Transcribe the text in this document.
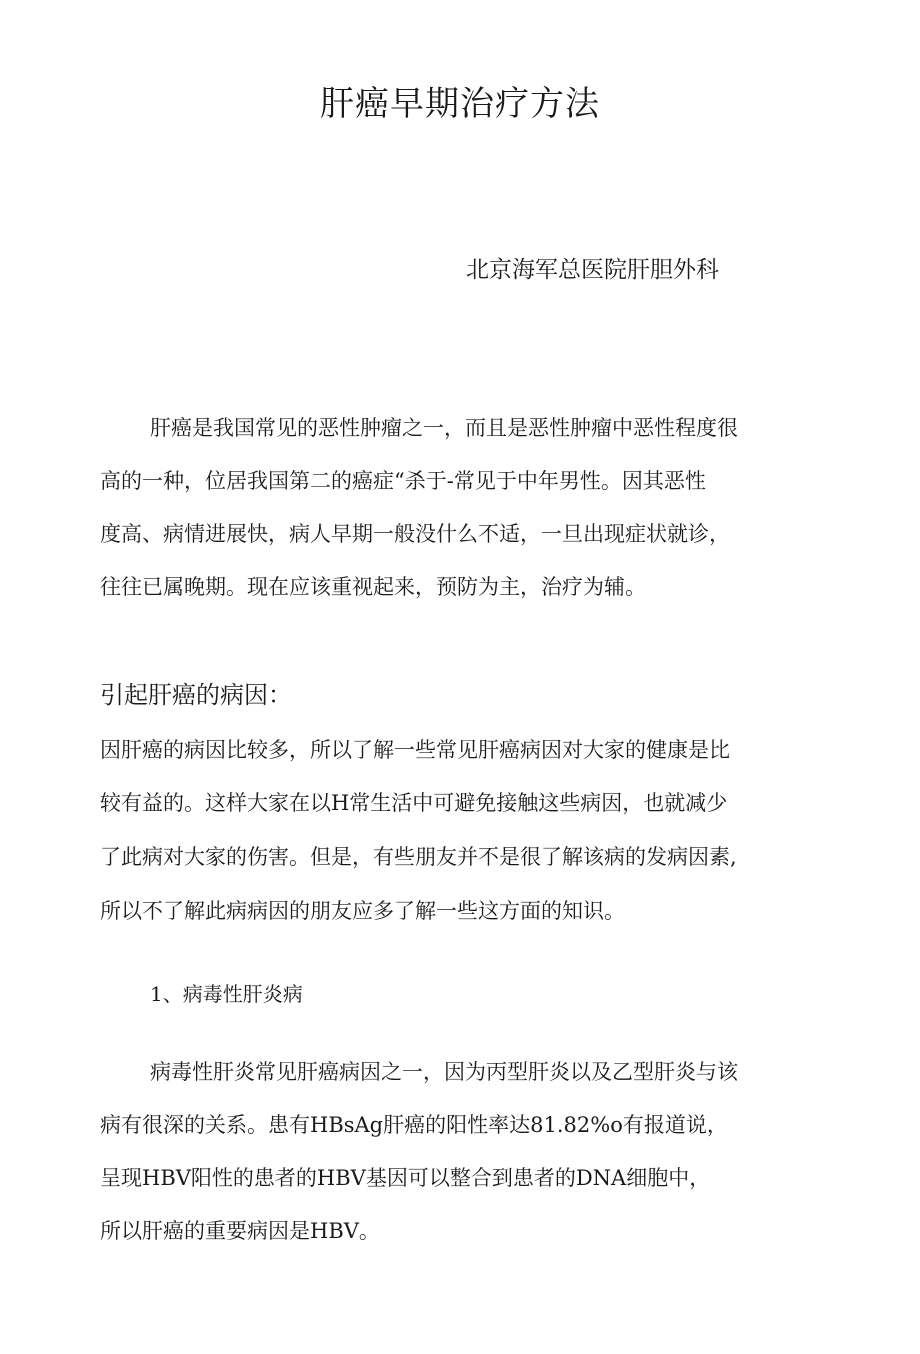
肝癌早期治疗方法
北京海军总医院肝胆外科
肝癌是我国常见的恶性肿瘤之一，而且是恶性肿瘤中恶性程度很
高的一种，位居我国第二的癌症“杀于-常见于中年男性。因其恶性
度高、病情进展快，病人早期一般没什么不适，一旦出现症状就诊，
往往已属晚期。现在应该重视起来，预防为主，治疗为辅。
引起肝癌的病因：
因肝癌的病因比较多，所以了解一些常见肝癌病因对大家的健康是比
较有益的。这样大家在以H常生活中可避免接触这些病因，也就减少
了此病对大家的伤害。但是，有些朋友并不是很了解该病的发病因素,
所以不了解此病病因的朋友应多了解一些这方面的知识。
1、病毒性肝炎病
病毒性肝炎常见肝癌病因之一，因为丙型肝炎以及乙型肝炎与该
病有很深的关系。患有HBsAg肝癌的阳性率达81.82%o有报道说，
呈现HBV阳性的患者的HBV基因可以整合到患者的DNA细胞中，
所以肝癌的重要病因是HBV。
